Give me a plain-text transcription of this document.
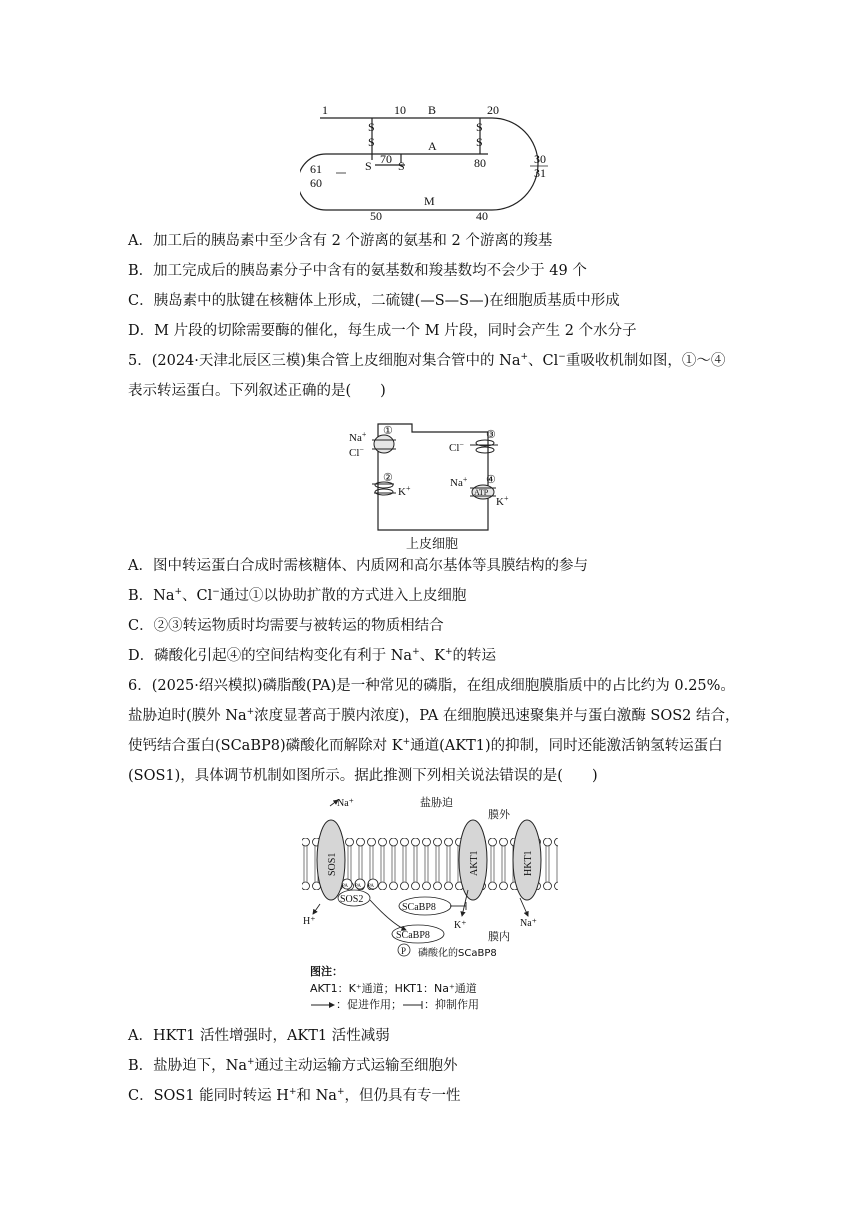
1	10 B	20
S
S
S
S
A
S 70 S	80
61
60
30
31
M
50	40
A．加工后的胰岛素中至少含有 2 个游离的氨基和 2 个游离的羧基
B．加工完成后的胰岛素分子中含有的氨基数和羧基数均不会少于 49 个
C．胰岛素中的肽键在核糖体上形成，二硫键(—S—S—)在细胞质基质中形成
D．M 片段的切除需要酶的催化，每生成一个 M 片段，同时会产生 2 个水分子
5．(2024·天津北辰区三模)集合管上皮细胞对集合管中的 Na+、Cl−重吸收机制如图，①～④
表示转运蛋白。下列叙述正确的是(　　)
①
Na+
Cl−
②
K+
③
Cl−
④
Na+
ATP
K+
上皮细胞
A．图中转运蛋白合成时需核糖体、内质网和高尔基体等具膜结构的参与
B．Na+、Cl−通过①以协助扩散的方式进入上皮细胞
C．②③转运物质时均需要与被转运的物质相结合
D．磷酸化引起④的空间结构变化有利于 Na+、K+的转运
6．(2025·绍兴模拟)磷脂酸(PA)是一种常见的磷脂，在组成细胞膜脂质中的占比约为 0.25%。
盐胁迫时(膜外 Na+浓度显著高于膜内浓度)，PA 在细胞膜迅速聚集并与蛋白激酶 SOS2 结合，
使钙结合蛋白(SCaBP8)磷酸化而解除对 K+通道(AKT1)的抑制，同时还能激活钠氢转运蛋白
(SOS1)，具体调节机制如图所示。据此推测下列相关说法错误的是(　　)
Na⁺	盐胁迫
膜外
SOS1	AKT1	HKT1
PA PA PA
SOS2
SCaBP8
H⁺	K⁺	Na⁺
膜内
SCaBP8
P 磷酸化的SCaBP8
图注：
AKT1：K⁺通道；HKT1：Na⁺通道
：促进作用； ：抑制作用
A．HKT1 活性增强时，AKT1 活性减弱
B．盐胁迫下，Na+通过主动运输方式运输至细胞外
C．SOS1 能同时转运 H+和 Na+，但仍具有专一性
